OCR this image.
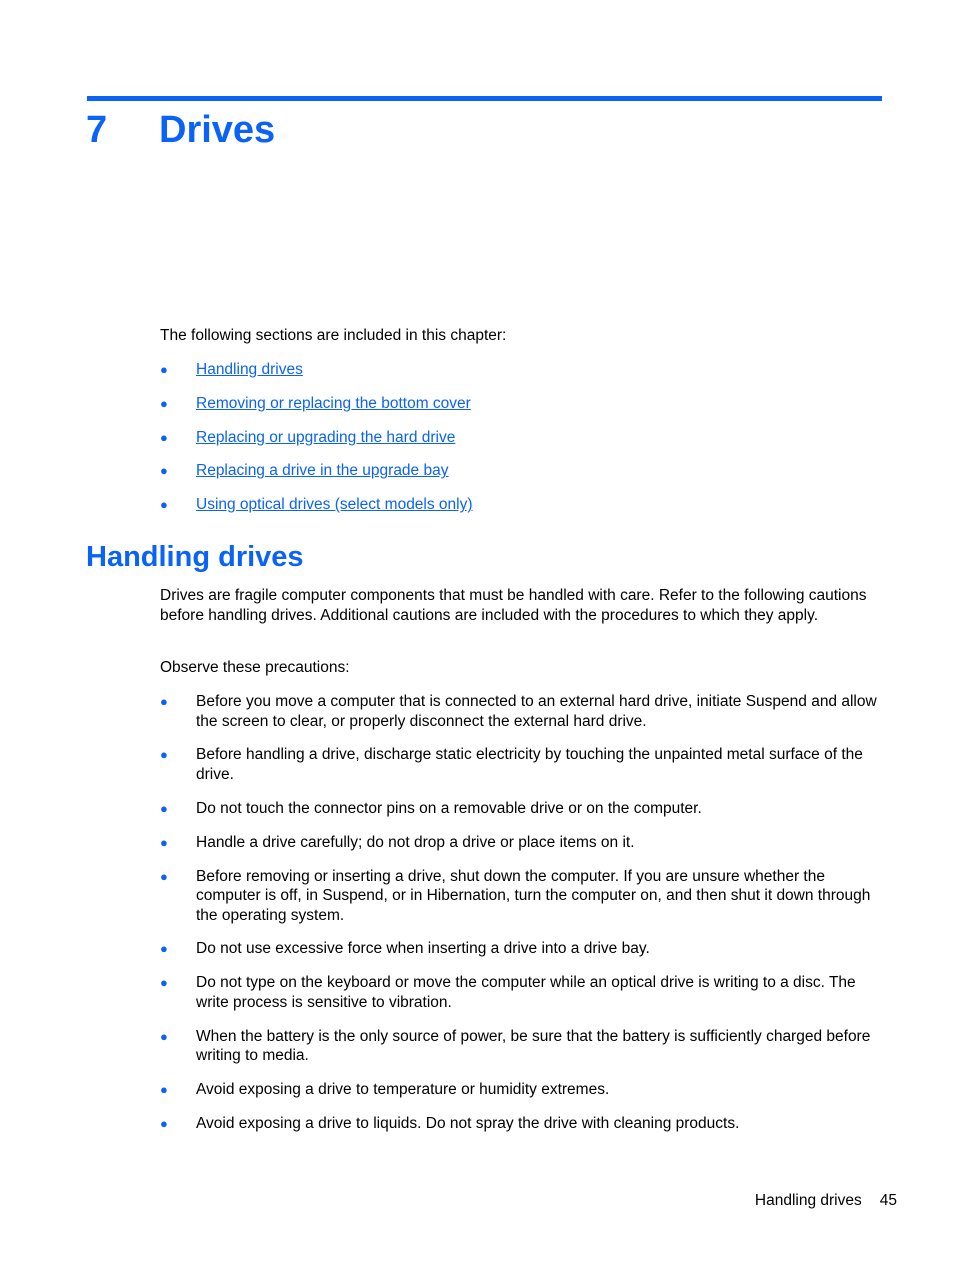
7 Drives

The following sections are included in this chapter:

● Handling drives
● Removing or replacing the bottom cover
● Replacing or upgrading the hard drive
● Replacing a drive in the upgrade bay
● Using optical drives (select models only)
Handling drives

Drives are fragile computer components that must be handled with care. Refer to the following cautions before handling drives. Additional cautions are included with the procedures to which they apply.

Observe these precautions:

● Before you move a computer that is connected to an external hard drive, initiate Suspend and allow the screen to clear, or properly disconnect the external hard drive.
● Before handling a drive, discharge static electricity by touching the unpainted metal surface of the drive.
● Do not touch the connector pins on a removable drive or on the computer.
● Handle a drive carefully; do not drop a drive or place items on it.
● Before removing or inserting a drive, shut down the computer. If you are unsure whether the computer is off, in Suspend, or in Hibernation, turn the computer on, and then shut it down through the operating system.
● Do not use excessive force when inserting a drive into a drive bay.
● Do not type on the keyboard or move the computer while an optical drive is writing to a disc. The write process is sensitive to vibration.
● When the battery is the only source of power, be sure that the battery is sufficiently charged before writing to media.
● Avoid exposing a drive to temperature or humidity extremes.
● Avoid exposing a drive to liquids. Do not spray the drive with cleaning products.
Handling drives 45
